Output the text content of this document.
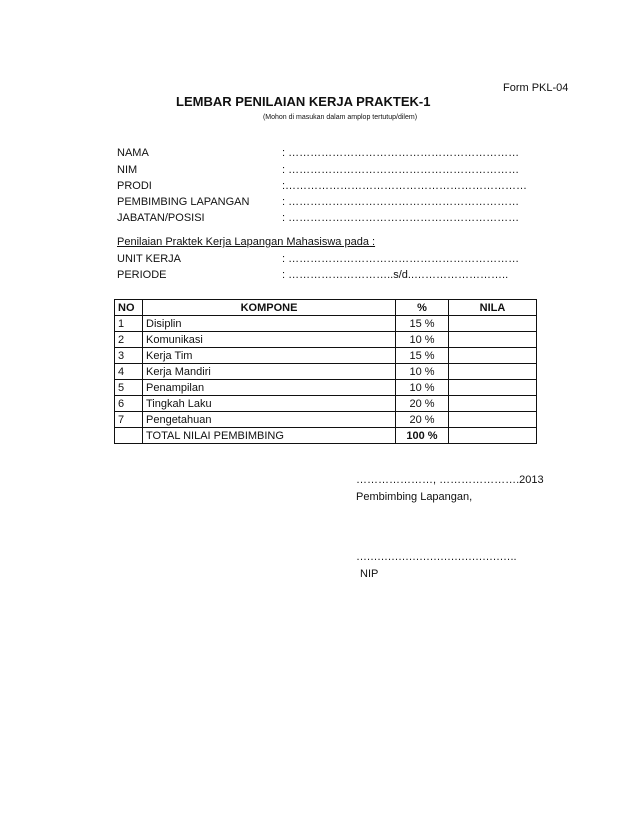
Form PKL-04
LEMBAR PENILAIAN KERJA PRAKTEK-1
(Mohon di masukan dalam amplop tertutup/dilem)
NAMA	: ………………………………………………………
NIM	: ………………………………………………………
PRODI	:…………………………………………………………
PEMBIMBING LAPANGAN	: ………………………………………………………
JABATAN/POSISI	: ………………………………………………………
Penilaian Praktek Kerja Lapangan Mahasiswa pada :
UNIT KERJA	: ………………………………………………………
PERIODE	: ………………………..s/d..……………………..
NO	KOMPONE	%	NILA
1	Disiplin	15 %	
2	Komunikasi	10 %	
3	Kerja Tim	15 %	
4	Kerja Mandiri	10 %	
5	Penampilan	10 %	
6	Tingkah Laku	20 %	
7	Pengetahuan	20 %	
	TOTAL NILAI PEMBIMBING	100 %	
…………………, ………………….2013
Pembimbing Lapangan,
……………………………………….
NIP
